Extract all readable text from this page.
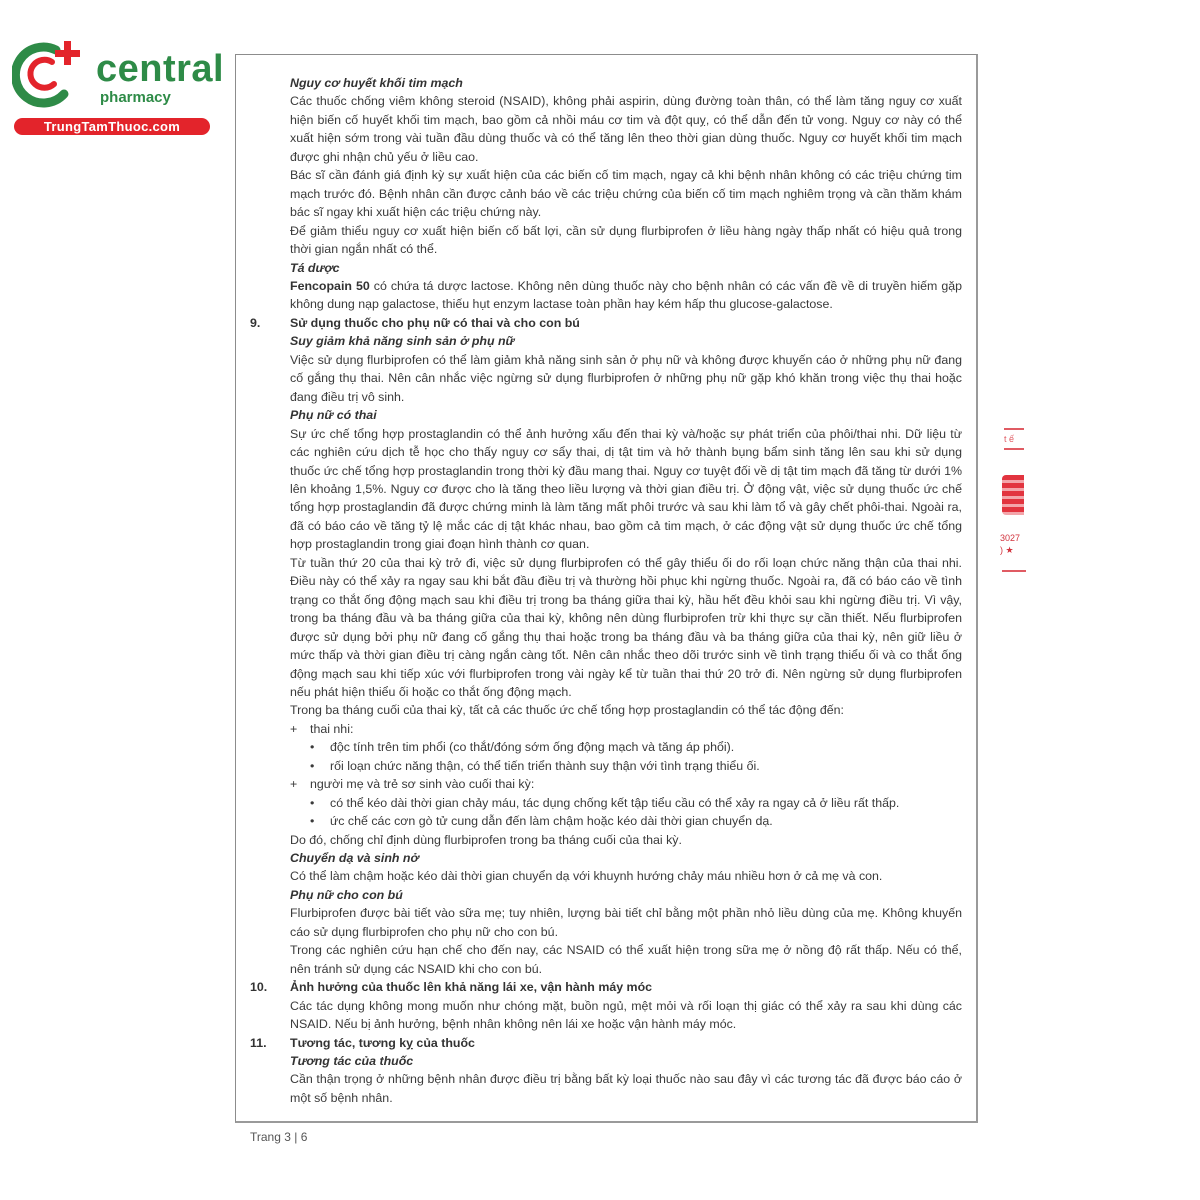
central
pharmacy
TrungTamThuoc.com

Nguy cơ huyết khối tim mạch

Các thuốc chống viêm không steroid (NSAID), không phải aspirin, dùng đường toàn thân, có thể làm tăng nguy cơ xuất hiện biến cố huyết khối tim mạch, bao gồm cả nhồi máu cơ tim và đột quỵ, có thể dẫn đến tử vong. Nguy cơ này có thể xuất hiện sớm trong vài tuần đầu dùng thuốc và có thể tăng lên theo thời gian dùng thuốc. Nguy cơ huyết khối tim mạch được ghi nhận chủ yếu ở liều cao.

Bác sĩ cần đánh giá định kỳ sự xuất hiện của các biến cố tim mạch, ngay cả khi bệnh nhân không có các triệu chứng tim mạch trước đó. Bệnh nhân cần được cảnh báo về các triệu chứng của biến cố tim mạch nghiêm trọng và cần thăm khám bác sĩ ngay khi xuất hiện các triệu chứng này.

Để giảm thiểu nguy cơ xuất hiện biến cố bất lợi, cần sử dụng flurbiprofen ở liều hàng ngày thấp nhất có hiệu quả trong thời gian ngắn nhất có thể.

Tá dược

Fencopain 50 có chứa tá dược lactose. Không nên dùng thuốc này cho bệnh nhân có các vấn đề về di truyền hiếm gặp không dung nạp galactose, thiếu hụt enzym lactase toàn phần hay kém hấp thu glucose-galactose.

9.	Sử dụng thuốc cho phụ nữ có thai và cho con bú

Suy giảm khả năng sinh sản ở phụ nữ

Việc sử dụng flurbiprofen có thể làm giảm khả năng sinh sản ở phụ nữ và không được khuyến cáo ở những phụ nữ đang cố gắng thụ thai. Nên cân nhắc việc ngừng sử dụng flurbiprofen ở những phụ nữ gặp khó khăn trong việc thụ thai hoặc đang điều trị vô sinh.

Phụ nữ có thai

Sự ức chế tổng hợp prostaglandin có thể ảnh hưởng xấu đến thai kỳ và/hoặc sự phát triển của phôi/thai nhi. Dữ liệu từ các nghiên cứu dịch tễ học cho thấy nguy cơ sẩy thai, dị tật tim và hở thành bụng bẩm sinh tăng lên sau khi sử dụng thuốc ức chế tổng hợp prostaglandin trong thời kỳ đầu mang thai. Nguy cơ tuyệt đối về dị tật tim mạch đã tăng từ dưới 1% lên khoảng 1,5%. Nguy cơ được cho là tăng theo liều lượng và thời gian điều trị. Ở động vật, việc sử dụng thuốc ức chế tổng hợp prostaglandin đã được chứng minh là làm tăng mất phôi trước và sau khi làm tổ và gây chết phôi-thai. Ngoài ra, đã có báo cáo về tăng tỷ lệ mắc các dị tật khác nhau, bao gồm cả tim mạch, ở các động vật sử dụng thuốc ức chế tổng hợp prostaglandin trong giai đoạn hình thành cơ quan.

Từ tuần thứ 20 của thai kỳ trở đi, việc sử dụng flurbiprofen có thể gây thiểu ối do rối loạn chức năng thận của thai nhi. Điều này có thể xảy ra ngay sau khi bắt đầu điều trị và thường hồi phục khi ngừng thuốc. Ngoài ra, đã có báo cáo về tình trạng co thắt ống động mạch sau khi điều trị trong ba tháng giữa thai kỳ, hầu hết đều khỏi sau khi ngừng điều trị. Vì vậy, trong ba tháng đầu và ba tháng giữa của thai kỳ, không nên dùng flurbiprofen trừ khi thực sự cần thiết. Nếu flurbiprofen được sử dụng bởi phụ nữ đang cố gắng thụ thai hoặc trong ba tháng đầu và ba tháng giữa của thai kỳ, nên giữ liều ở mức thấp và thời gian điều trị càng ngắn càng tốt. Nên cân nhắc theo dõi trước sinh về tình trạng thiểu ối và co thắt ống động mạch sau khi tiếp xúc với flurbiprofen trong vài ngày kể từ tuần thai thứ 20 trở đi. Nên ngừng sử dụng flurbiprofen nếu phát hiện thiểu ối hoặc co thắt ống động mạch.

Trong ba tháng cuối của thai kỳ, tất cả các thuốc ức chế tổng hợp prostaglandin có thể tác động đến:

+	thai nhi:

•	độc tính trên tim phổi (co thắt/đóng sớm ống động mạch và tăng áp phổi).

•	rối loạn chức năng thận, có thể tiến triển thành suy thận với tình trạng thiểu ối.

+	người mẹ và trẻ sơ sinh vào cuối thai kỳ:

•	có thể kéo dài thời gian chảy máu, tác dụng chống kết tập tiểu cầu có thể xảy ra ngay cả ở liều rất thấp.

•	ức chế các cơn gò tử cung dẫn đến làm chậm hoặc kéo dài thời gian chuyển dạ.

Do đó, chống chỉ định dùng flurbiprofen trong ba tháng cuối của thai kỳ.

Chuyển dạ và sinh nở

Có thể làm chậm hoặc kéo dài thời gian chuyển dạ với khuynh hướng chảy máu nhiều hơn ở cả mẹ và con.

Phụ nữ cho con bú

Flurbiprofen được bài tiết vào sữa mẹ; tuy nhiên, lượng bài tiết chỉ bằng một phần nhỏ liều dùng của mẹ. Không khuyến cáo sử dụng flurbiprofen cho phụ nữ cho con bú.

Trong các nghiên cứu hạn chế cho đến nay, các NSAID có thể xuất hiện trong sữa mẹ ở nồng độ rất thấp. Nếu có thể, nên tránh sử dụng các NSAID khi cho con bú.

10.	Ảnh hưởng của thuốc lên khả năng lái xe, vận hành máy móc

Các tác dụng không mong muốn như chóng mặt, buồn ngủ, mệt mỏi và rối loạn thị giác có thể xảy ra sau khi dùng các NSAID. Nếu bị ảnh hưởng, bệnh nhân không nên lái xe hoặc vận hành máy móc.

11.	Tương tác, tương kỵ của thuốc

Tương tác của thuốc

Cần thận trọng ở những bệnh nhân được điều trị bằng bất kỳ loại thuốc nào sau đây vì các tương tác đã được báo cáo ở một số bệnh nhân.

Trang 3 | 6
t ế
3027
) ★
